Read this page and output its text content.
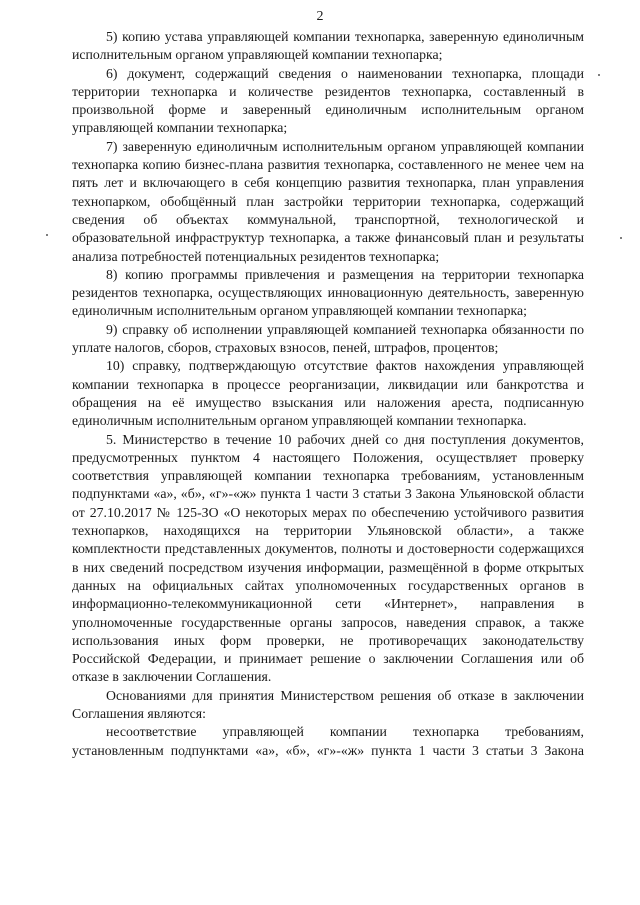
2

5) копию устава управляющей компании технопарка, заверенную единоличным исполнительным органом управляющей компании технопарка;

6) документ, содержащий сведения о наименовании технопарка, площади территории технопарка и количестве резидентов технопарка, составленный в произвольной форме и заверенный единоличным исполнительным органом управляющей компании технопарка;

7) заверенную единоличным исполнительным органом управляющей компании технопарка копию бизнес-плана развития технопарка, составленного не менее чем на пять лет и включающего в себя концепцию развития технопарка, план управления технопарком, обобщённый план застройки территории технопарка, содержащий сведения об объектах коммунальной, транспортной, технологической и образовательной инфраструктур технопарка, а также финансовый план и результаты анализа потребностей потенциальных резидентов технопарка;

8) копию программы привлечения и размещения на территории технопарка резидентов технопарка, осуществляющих инновационную деятельность, заверенную единоличным исполнительным органом управляющей компании технопарка;

9) справку об исполнении управляющей компанией технопарка обязанности по уплате налогов, сборов, страховых взносов, пеней, штрафов, процентов;

10) справку, подтверждающую отсутствие фактов нахождения управляющей компании технопарка в процессе реорганизации, ликвидации или банкротства и обращения на её имущество взыскания или наложения ареста, подписанную единоличным исполнительным органом управляющей компании технопарка.

5. Министерство в течение 10 рабочих дней со дня поступления документов, предусмотренных пунктом 4 настоящего Положения, осуществляет проверку соответствия управляющей компании технопарка требованиям, установленным подпунктами «а», «б», «г»-«ж» пункта 1 части 3 статьи 3 Закона Ульяновской области от 27.10.2017 № 125-ЗО «О некоторых мерах по обеспечению устойчивого развития технопарков, находящихся на территории Ульяновской области», а также комплектности представленных документов, полноты и достоверности содержащихся в них сведений посредством изучения информации, размещённой в форме открытых данных на официальных сайтах уполномоченных государственных органов в информационно-телекоммуникационной сети «Интернет», направления в уполномоченные государственные органы запросов, наведения справок, а также использования иных форм проверки, не противоречащих законодательству Российской Федерации, и принимает решение о заключении Соглашения или об отказе в заключении Соглашения.

Основаниями для принятия Министерством решения об отказе в заключении Соглашения являются:

несоответствие управляющей компании технопарка требованиям, установленным подпунктами «а», «б», «г»-«ж» пункта 1 части 3 статьи 3 Закона
